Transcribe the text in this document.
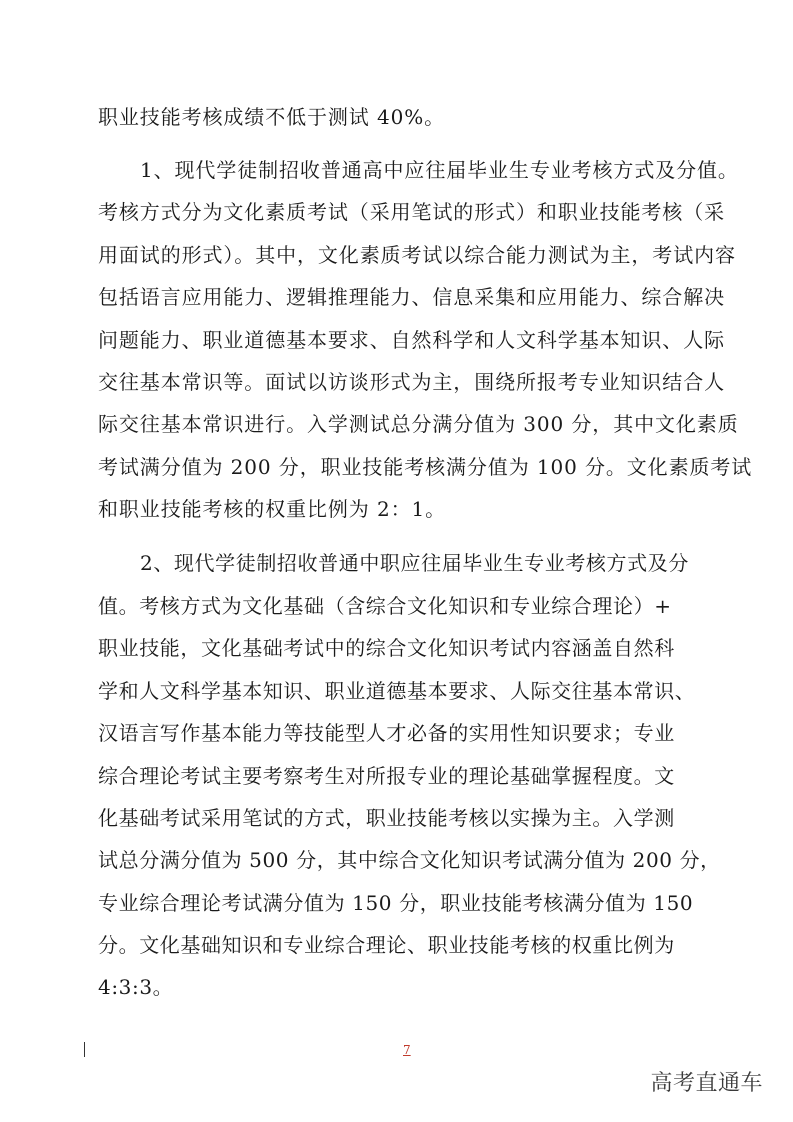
职业技能考核成绩不低于测试 40%。
1、现代学徒制招收普通高中应往届毕业生专业考核方式及分值。
考核方式分为文化素质考试（采用笔试的形式）和职业技能考核（采
用面试的形式）。其中，文化素质考试以综合能力测试为主，考试内容
包括语言应用能力、逻辑推理能力、信息采集和应用能力、综合解决
问题能力、职业道德基本要求、自然科学和人文科学基本知识、人际
交往基本常识等。面试以访谈形式为主，围绕所报考专业知识结合人
际交往基本常识进行。入学测试总分满分值为 300 分，其中文化素质
考试满分值为 200 分，职业技能考核满分值为 100 分。文化素质考试
和职业技能考核的权重比例为 2：1。
2、现代学徒制招收普通中职应往届毕业生专业考核方式及分
值。考核方式为文化基础（含综合文化知识和专业综合理论）+
职业技能，文化基础考试中的综合文化知识考试内容涵盖自然科
学和人文科学基本知识、职业道德基本要求、人际交往基本常识、
汉语言写作基本能力等技能型人才必备的实用性知识要求；专业
综合理论考试主要考察考生对所报专业的理论基础掌握程度。文
化基础考试采用笔试的方式，职业技能考核以实操为主。入学测
试总分满分值为 500 分，其中综合文化知识考试满分值为 200 分，
专业综合理论考试满分值为 150 分，职业技能考核满分值为 150
分。文化基础知识和专业综合理论、职业技能考核的权重比例为
4:3:3。
7
高考直通车
